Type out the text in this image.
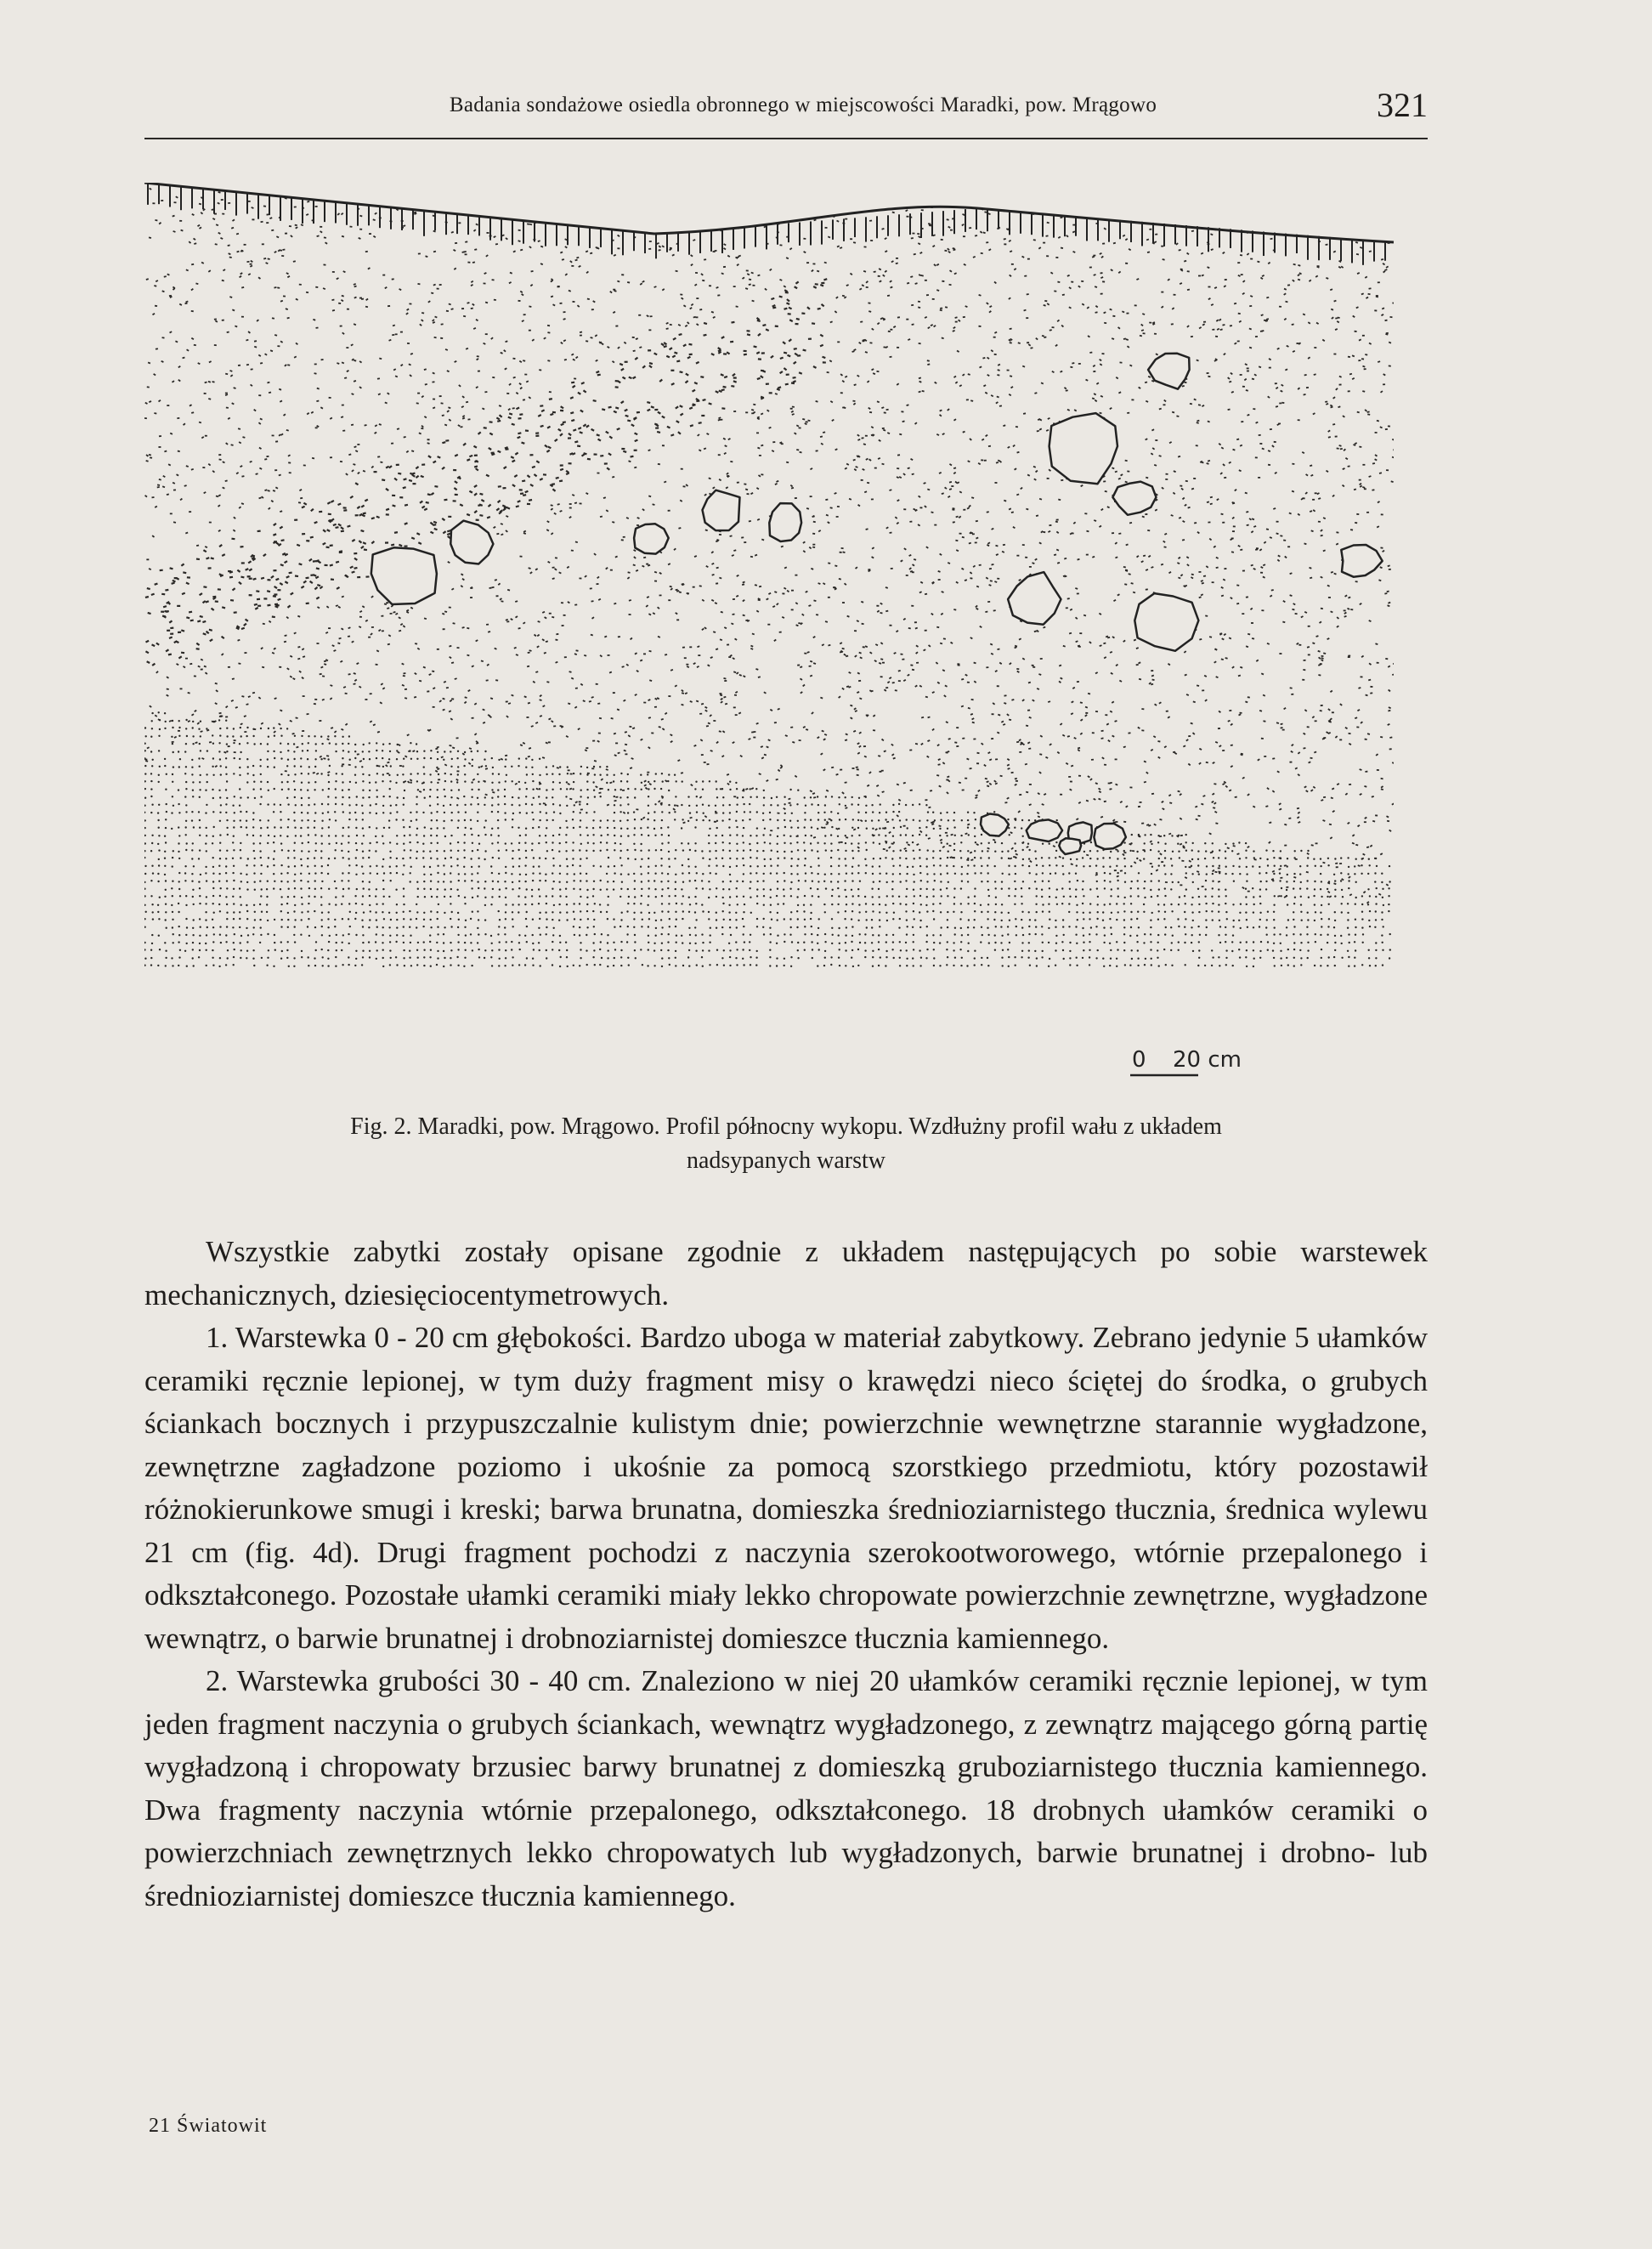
Badania sondażowe osiedla obronnego w miejscowości Maradki, pow. Mrągowo	321
0 20 cm
Fig. 2. Maradki, pow. Mrągowo. Profil północny wykopu. Wzdłużny profil wału z układem
nadsypanych warstw

Wszystkie zabytki zostały opisane zgodnie z układem następujących po sobie warstewek mechanicznych, dziesięciocentymetrowych.

1. Warstewka 0 - 20 cm głębokości. Bardzo uboga w materiał zabytkowy. Zebrano jedynie 5 ułamków ceramiki ręcznie lepionej, w tym duży fragment misy o krawędzi nieco ściętej do środka, o grubych ściankach bocznych i przypuszczalnie kulistym dnie; powierzchnie wewnętrzne starannie wygładzone, zewnętrzne zagładzone poziomo i ukośnie za pomocą szorstkiego przedmiotu, który pozostawił różnokierunkowe smugi i kreski; barwa brunatna, domieszka średnioziarnistego tłucznia, średnica wylewu 21 cm (fig. 4d). Drugi fragment pochodzi z naczynia szerokootworowego, wtórnie przepalonego i odkształconego. Pozostałe ułamki ceramiki miały lekko chropowate powierzchnie zewnętrzne, wygładzone wewnątrz, o barwie brunatnej i drobnoziarnistej domieszce tłucznia kamiennego.

2. Warstewka grubości 30 - 40 cm. Znaleziono w niej 20 ułamków ceramiki ręcznie lepionej, w tym jeden fragment naczynia o grubych ściankach, wewnątrz wygładzonego, z zewnątrz mającego górną partię wygładzoną i chropowaty brzusiec barwy brunatnej z domieszką gruboziarnistego tłucznia kamiennego. Dwa fragmenty naczynia wtórnie przepalonego, odkształconego. 18 drobnych ułamków ceramiki o powierzchniach zewnętrznych lekko chropowatych lub wygładzonych, barwie brunatnej i drobno- lub średnioziarnistej domieszce tłucznia kamiennego.

21 Światowit
